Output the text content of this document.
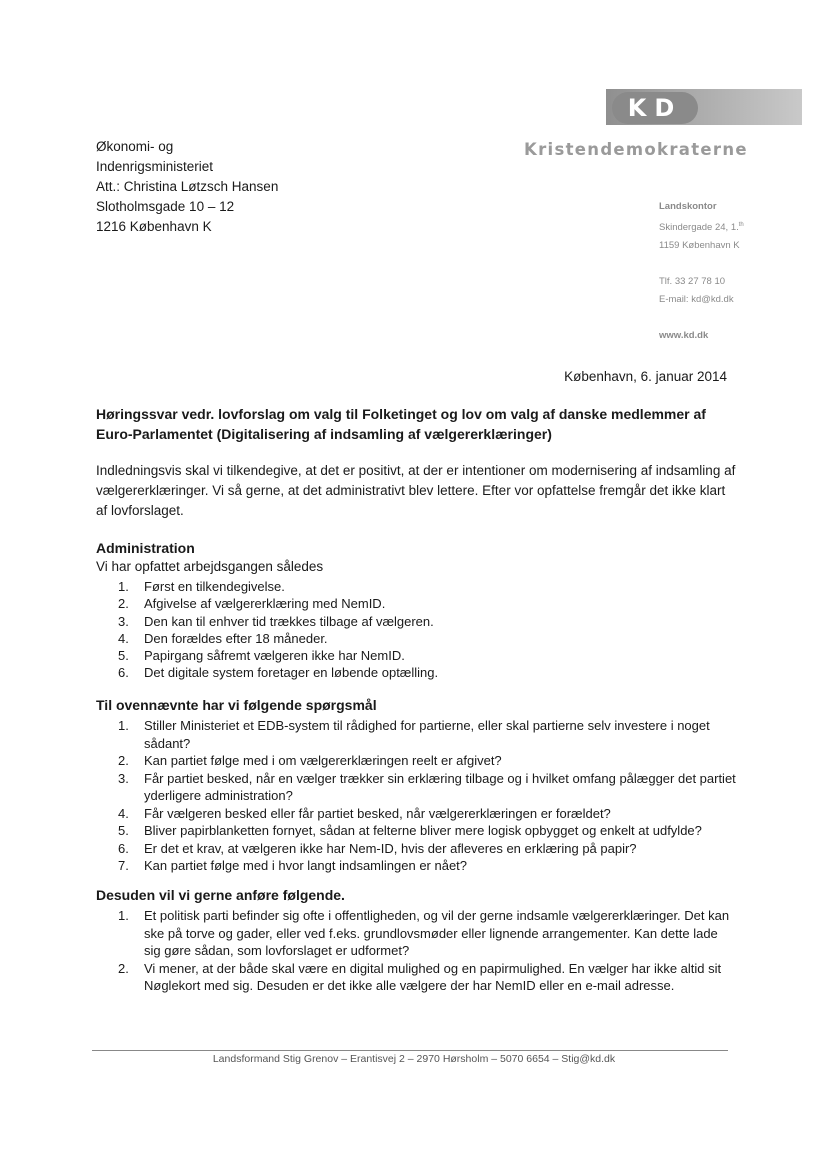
Økonomi- og
Indenrigsministeriet
Att.: Christina Løtzsch Hansen
Slotholmsgade 10 – 12
1216 København K
KD
Kristendemokraterne
Landskontor
Skindergade 24, 1.$^{th}$
1159 København K
Tlf. 33 27 78 10
E-mail: kd@kd.dk
www.kd.dk
København, 6. januar 2014
Høringssvar vedr. lovforslag om valg til Folketinget og lov om valg af danske medlemmer af Euro-Parlamentet (Digitalisering af indsamling af vælgererklæringer)
Indledningsvis skal vi tilkendegive, at det er positivt, at der er intentioner om modernisering af indsamling af vælgererklæringer. Vi så gerne, at det administrativt blev lettere. Efter vor opfattelse fremgår det ikke klart af lovforslaget.
Administration
Vi har opfattet arbejdsgangen således
1.	Først en tilkendegivelse.
2.	Afgivelse af vælgererklæring med NemID.
3.	Den kan til enhver tid trækkes tilbage af vælgeren.
4.	Den forældes efter 18 måneder.
5.	Papirgang såfremt vælgeren ikke har NemID.
6.	Det digitale system foretager en løbende optælling.
Til ovennævnte har vi følgende spørgsmål
1.	Stiller Ministeriet et EDB-system til rådighed for partierne, eller skal partierne selv investere i noget sådant?
2.	Kan partiet følge med i om vælgererklæringen reelt er afgivet?
3.	Får partiet besked, når en vælger trækker sin erklæring tilbage og i hvilket omfang pålægger det partiet yderligere administration?
4.	Får vælgeren besked eller får partiet besked, når vælgererklæringen er forældet?
5.	Bliver papirblanketten fornyet, sådan at felterne bliver mere logisk opbygget og enkelt at udfylde?
6.	Er det et krav, at vælgeren ikke har Nem-ID, hvis der afleveres en erklæring på papir?
7.	Kan partiet følge med i hvor langt indsamlingen er nået?
Desuden vil vi gerne anføre følgende.
1.	Et politisk parti befinder sig ofte i offentligheden, og vil der gerne indsamle vælgererklæringer. Det kan ske på torve og gader, eller ved f.eks. grundlovsmøder eller lignende arrangementer. Kan dette lade sig gøre sådan, som lovforslaget er udformet?
2.	Vi mener, at der både skal være en digital mulighed og en papirmulighed. En vælger har ikke altid sit Nøglekort med sig. Desuden er det ikke alle vælgere der har NemID eller en e-mail adresse.
Landsformand Stig Grenov – Erantisvej 2 – 2970 Hørsholm – 5070 6654 – Stig@kd.dk
